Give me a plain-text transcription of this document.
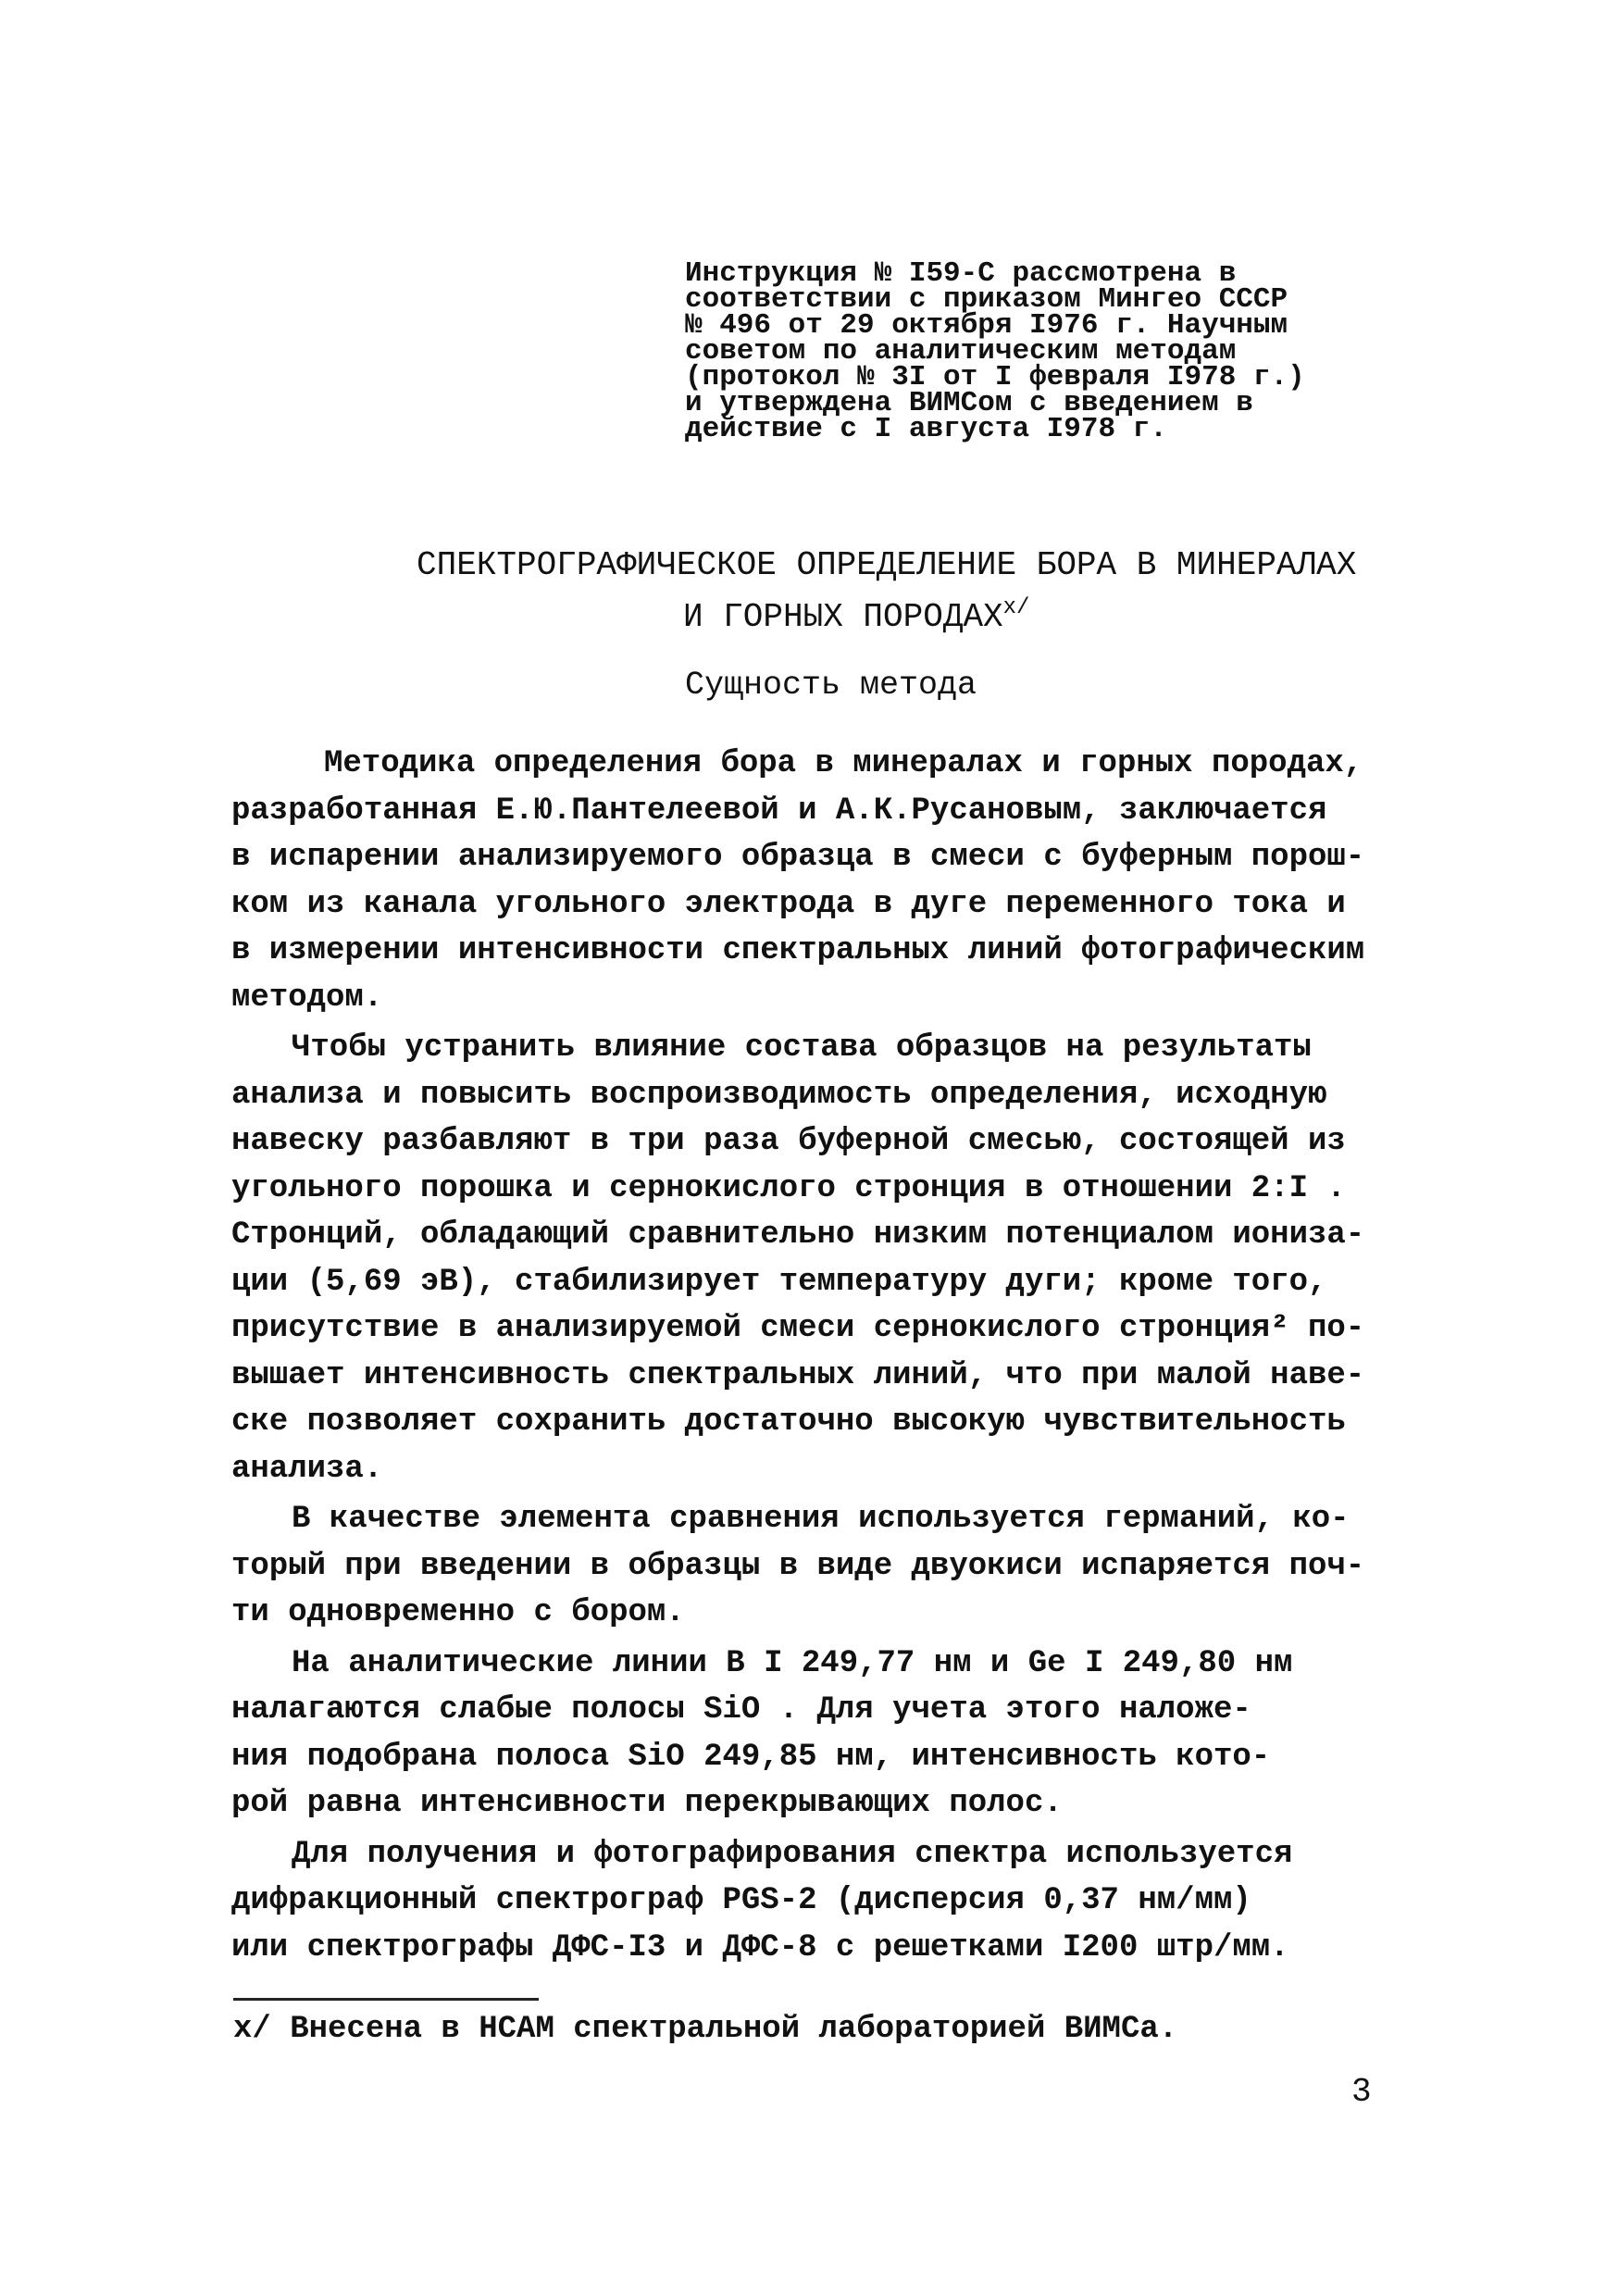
Инструкция № I59-С рассмотрена в
соответствии с приказом Мингео СССР
№ 496 от 29 октября I976 г. Научным
советом по аналитическим методам
(протокол № 3I от I февраля I978 г.)
и утверждена ВИМСом с введением в
действие с I августа I978 г.
СПЕКТРОГРАФИЧЕСКОЕ ОПРЕДЕЛЕНИЕ БОРА В МИНЕРАЛАХ
И ГОРНЫХ $ПОРОДАХ^{x/}$
Сущность метода
Методика определения бора в минералах и горных породах,
разработанная Е.Ю.Пантелеевой и А.К.Русановым, заключается
в испарении анализируемого образца в смеси с буферным порош-
ком из канала угольного электрода в дуге переменного тока и
в измерении интенсивности спектральных линий фотографическим
методом.
Чтобы устранить влияние состава образцов на результаты
анализа и повысить воспроизводимость определения, исходную
навеску разбавляют в три раза буферной смесью, состоящей из
угольного порошка и сернокислого стронция в отношении 2:I .
Стронций, обладающий сравнительно низким потенциалом иониза-
ции (5,69 эВ), стабилизирует температуру дуги; кроме того,
присутствие в анализируемой смеси сернокислого стронция² по-
вышает интенсивность спектральных линий, что при малой наве-
ске позволяет сохранить достаточно высокую чувствительность
анализа.
В качестве элемента сравнения используется германий, ко-
торый при введении в образцы в виде двуокиси испаряется поч-
ти одновременно с бором.
На аналитические линии В I 249,77 нм и Ge I 249,80 нм
налагаются слабые полосы SiO . Для учета этого наложе-
ния подобрана полоса SiO 249,85 нм, интенсивность кото-
рой равна интенсивности перекрывающих полос.
Для получения и фотографирования спектра используется
дифракционный спектрограф PGS-2 (дисперсия 0,37 нм/мм)
или спектрографы ДФС-I3 и ДФС-8 с решетками I200 штр/мм.
x/ Внесена в НСАМ спектральной лабораторией ВИМСа.
3
